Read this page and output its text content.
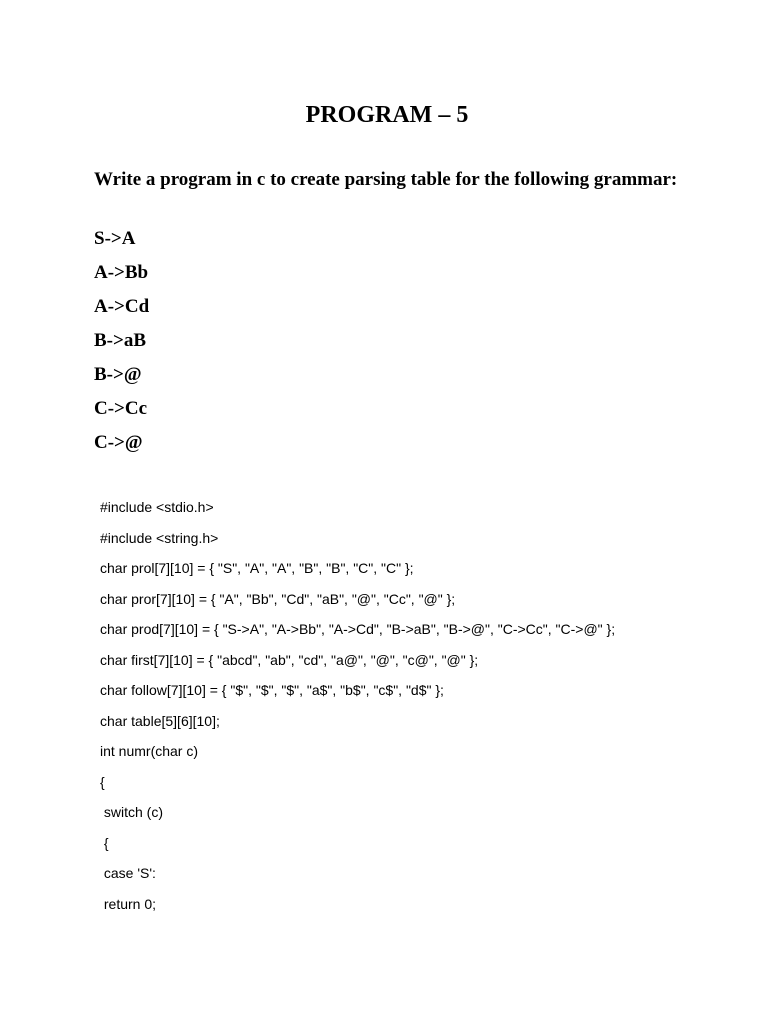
PROGRAM – 5
Write a program in c to create parsing table for the following grammar:
S->A
A->Bb
A->Cd
B->aB
B->@
C->Cc
C->@
#include <stdio.h>
#include <string.h>
char prol[7][10] = { "S", "A", "A", "B", "B", "C", "C" };
char pror[7][10] = { "A", "Bb", "Cd", "aB", "@", "Cc", "@" };
char prod[7][10] = { "S->A", "A->Bb", "A->Cd", "B->aB", "B->@", "C->Cc", "C->@" };
char first[7][10] = { "abcd", "ab", "cd", "a@", "@", "c@", "@" };
char follow[7][10] = { "$", "$", "$", "a$", "b$", "c$", "d$" };
char table[5][6][10];
int numr(char c)
{
switch (c)
{
case 'S':
return 0;
